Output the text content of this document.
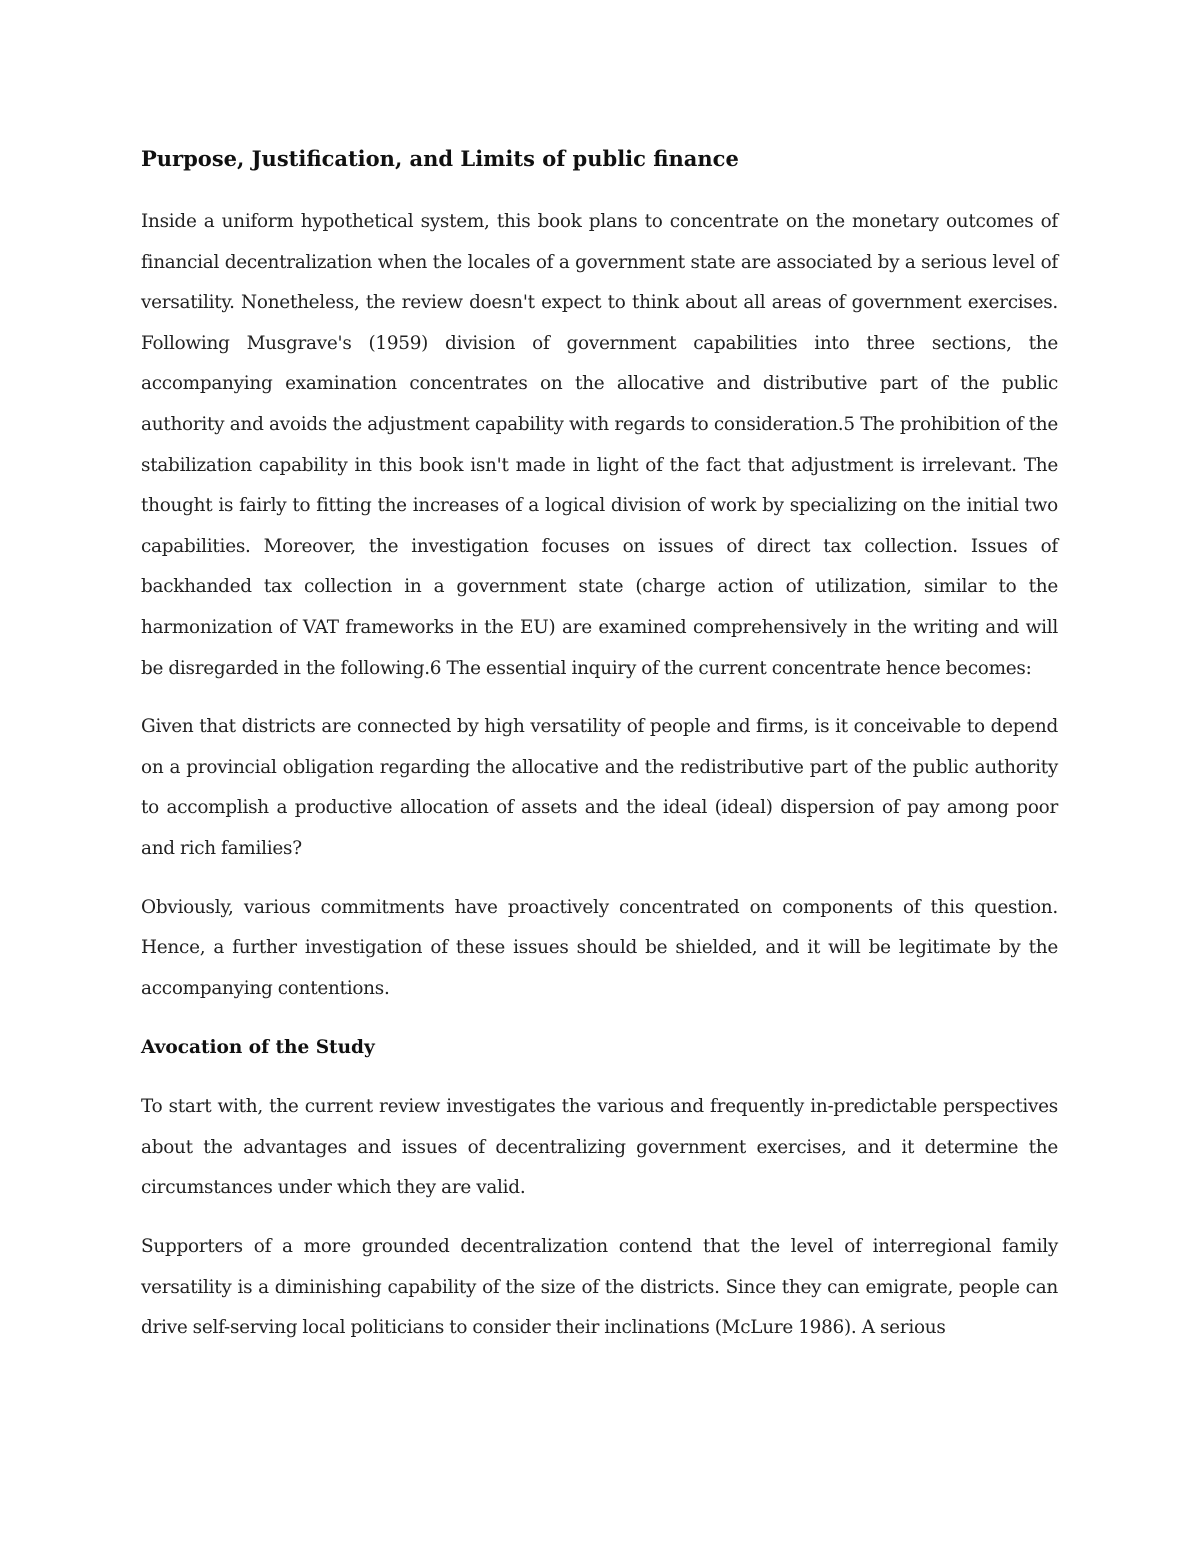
Purpose, Justification, and Limits of public finance

Inside a uniform hypothetical system, this book plans to concentrate on the monetary outcomes of financial decentralization when the locales of a government state are associated by a serious level of versatility. Nonetheless, the review doesn't expect to think about all areas of government exercises. Following Musgrave's (1959) division of government capabilities into three sections, the accompanying examination concentrates on the allocative and distributive part of the public authority and avoids the adjustment capability with regards to consideration.5 The prohibition of the stabilization capability in this book isn't made in light of the fact that adjustment is irrelevant. The thought is fairly to fitting the increases of a logical division of work by specializing on the initial two capabilities. Moreover, the investigation focuses on issues of direct tax collection. Issues of backhanded tax collection in a government state (charge action of utilization, similar to the harmonization of VAT frameworks in the EU) are examined comprehensively in the writing and will be disregarded in the following.6 The essential inquiry of the current concentrate hence becomes:

Given that districts are connected by high versatility of people and firms, is it conceivable to depend on a provincial obligation regarding the allocative and the redistributive part of the public authority to accomplish a productive allocation of assets and the ideal (ideal) dispersion of pay among poor and rich families?

Obviously, various commitments have proactively concentrated on components of this question. Hence, a further investigation of these issues should be shielded, and it will be legitimate by the accompanying contentions.

Avocation of the Study

To start with, the current review investigates the various and frequently in-predictable perspectives about the advantages and issues of decentralizing government exercises, and it determine the circumstances under which they are valid.

Supporters of a more grounded decentralization contend that the level of interregional family versatility is a diminishing capability of the size of the districts. Since they can emigrate, people can drive self-serving local politicians to consider their inclinations (McLure 1986). A serious
